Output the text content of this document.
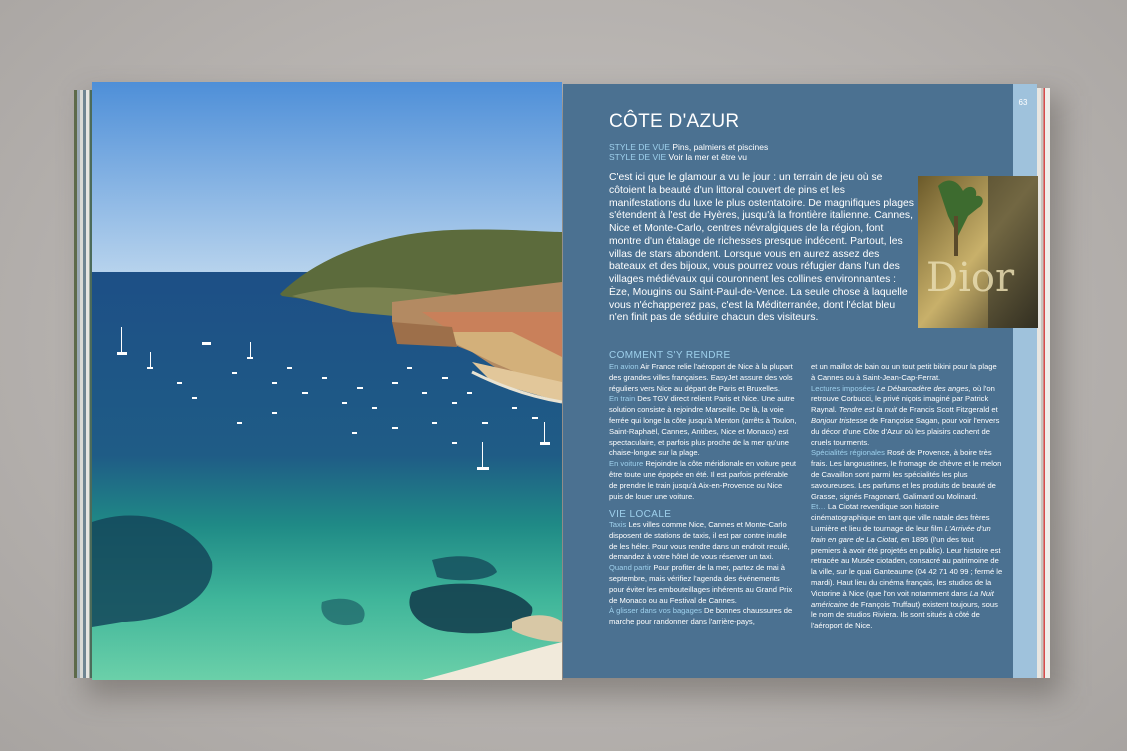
63
CÔTE D'AZUR
STYLE DE VUE Pins, palmiers et piscines
STYLE DE VIE Voir la mer et être vu
C'est ici que le glamour a vu le jour : un terrain de jeu où se côtoient la beauté d'un littoral couvert de pins et les manifestations du luxe le plus ostentatoire. De magnifiques plages s'étendent à l'est de Hyères, jusqu'à la frontière italienne. Cannes, Nice et Monte-Carlo, centres névralgiques de la région, font montre d'un étalage de richesses presque indécent. Partout, les villas de stars abondent. Lorsque vous en aurez assez des bateaux et des bijoux, vous pourrez vous réfugier dans l'un des villages médiévaux qui couronnent les collines environnantes : Èze, Mougins ou Saint-Paul-de-Vence. La seule chose à laquelle vous n'échapperez pas, c'est la Méditerranée, dont l'éclat bleu n'en finit pas de séduire chacun des visiteurs.
Dior
COMMENT S'Y RENDRE

En avion Air France relie l'aéroport de Nice à la plupart des grandes villes françaises. EasyJet assure des vols réguliers vers Nice au départ de Paris et Bruxelles.

En train Des TGV direct relient Paris et Nice. Une autre solution consiste à rejoindre Marseille. De là, la voie ferrée qui longe la côte jusqu'à Menton (arrêts à Toulon, Saint-Raphaël, Cannes, Antibes, Nice et Monaco) est spectaculaire, et parfois plus proche de la mer qu'une chaise-longue sur la plage.

En voiture Rejoindre la côte méridionale en voiture peut être toute une épopée en été. Il est parfois préférable de prendre le train jusqu'à Aix-en-Provence ou Nice puis de louer une voiture.

VIE LOCALE

Taxis Les villes comme Nice, Cannes et Monte-Carlo disposent de stations de taxis, il est par contre inutile de les héler. Pour vous rendre dans un endroit reculé, demandez à votre hôtel de vous réserver un taxi.

Quand partir Pour profiter de la mer, partez de mai à septembre, mais vérifiez l'agenda des événements pour éviter les embouteillages inhérents au Grand Prix de Monaco ou au Festival de Cannes.

À glisser dans vos bagages De bonnes chaussures de marche pour randonner dans l'arrière-pays,

et un maillot de bain ou un tout petit bikini pour la plage à Cannes ou à Saint-Jean-Cap-Ferrat.

Lectures imposées Le Débarcadère des anges, où l'on retrouve Corbucci, le privé niçois imaginé par Patrick Raynal. Tendre est la nuit de Francis Scott Fitzgerald et Bonjour tristesse de Françoise Sagan, pour voir l'envers du décor d'une Côte d'Azur où les plaisirs cachent de cruels tourments.

Spécialités régionales Rosé de Provence, à boire très frais. Les langoustines, le fromage de chèvre et le melon de Cavaillon sont parmi les spécialités les plus savoureuses. Les parfums et les produits de beauté de Grasse, signés Fragonard, Galimard ou Molinard.

Et… La Ciotat revendique son histoire cinématographique en tant que ville natale des frères Lumière et lieu de tournage de leur film L'Arrivée d'un train en gare de La Ciotat, en 1895 (l'un des tout premiers à avoir été projetés en public). Leur histoire est retracée au Musée ciotaden, consacré au patrimoine de la ville, sur le quai Ganteaume (04 42 71 40 99 ; fermé le mardi). Haut lieu du cinéma français, les studios de la Victorine à Nice (que l'on voit notamment dans La Nuit américaine de François Truffaut) existent toujours, sous le nom de studios Riviera. Ils sont situés à côté de l'aéroport de Nice.
